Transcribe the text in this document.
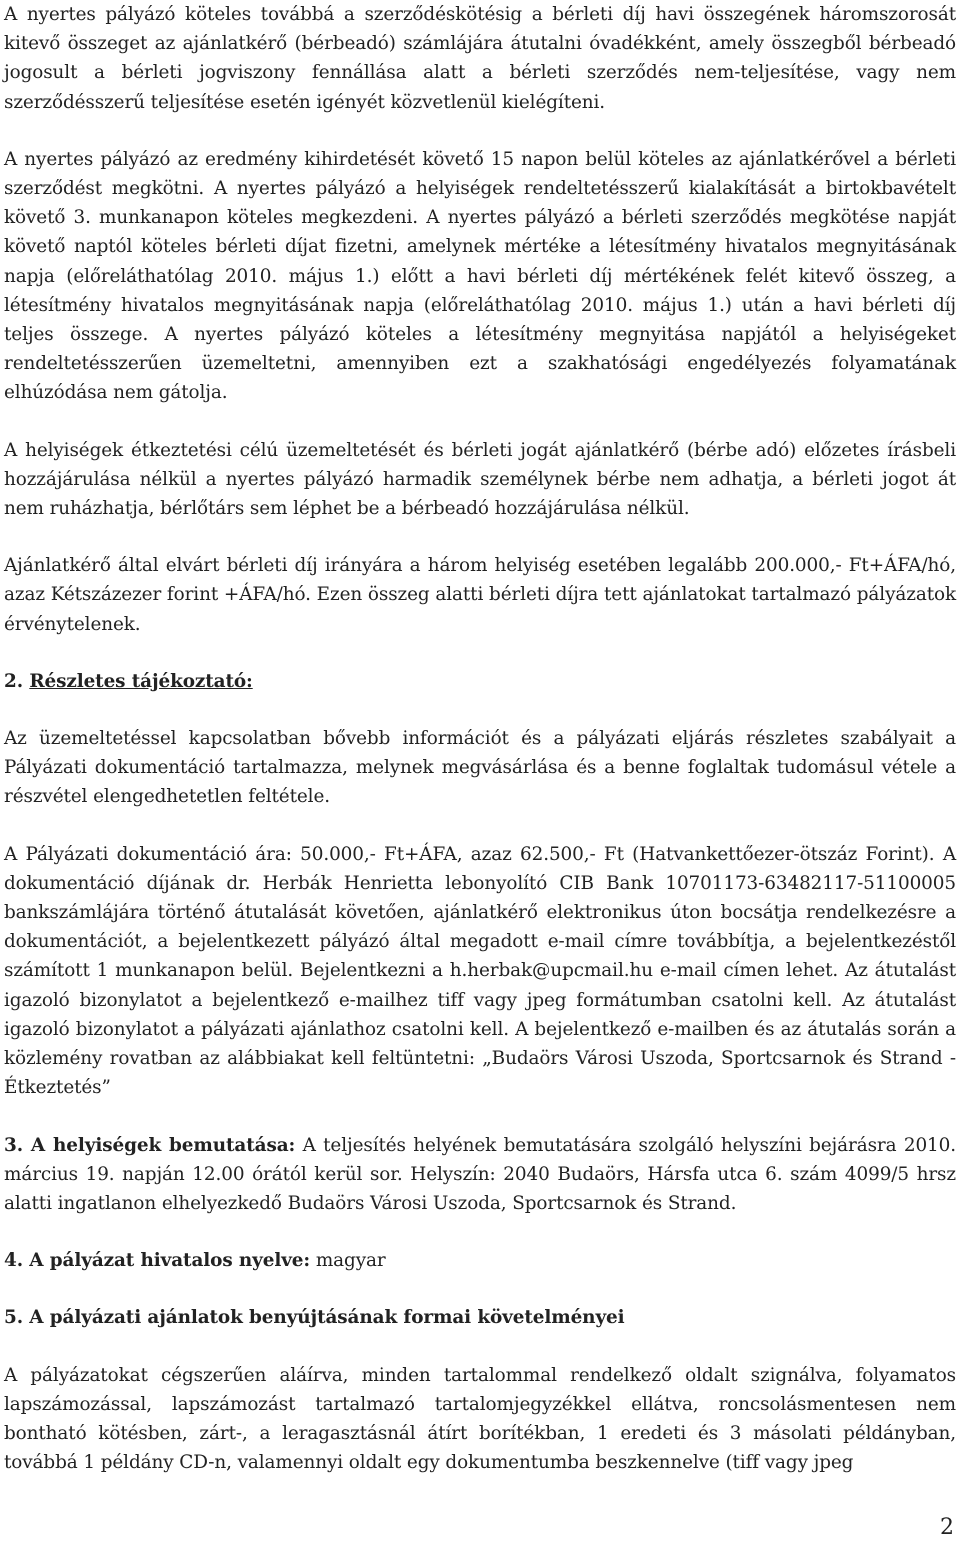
A nyertes pályázó köteles továbbá a szerződéskötésig a bérleti díj havi összegének háromszorosát kitevő összeget az ajánlatkérő (bérbeadó) számlájára átutalni óvadékként, amely összegből bérbeadó jogosult a bérleti jogviszony fennállása alatt a bérleti szerződés nem-teljesítése, vagy nem szerződésszerű teljesítése esetén igényét közvetlenül kielégíteni.

A nyertes pályázó az eredmény kihirdetését követő 15 napon belül köteles az ajánlatkérővel a bérleti szerződést megkötni. A nyertes pályázó a helyiségek rendeltetésszerű kialakítását a birtokbavételt követő 3. munkanapon köteles megkezdeni. A nyertes pályázó a bérleti szerződés megkötése napját követő naptól köteles bérleti díjat fizetni, amelynek mértéke a létesítmény hivatalos megnyitásának napja (előreláthatólag 2010. május 1.) előtt a havi bérleti díj mértékének felét kitevő összeg, a létesítmény hivatalos megnyitásának napja (előreláthatólag 2010. május 1.) után a havi bérleti díj teljes összege. A nyertes pályázó köteles a létesítmény megnyitása napjától a helyiségeket rendeltetésszerűen üzemeltetni, amennyiben ezt a szakhatósági engedélyezés folyamatának elhúzódása nem gátolja.

A helyiségek étkeztetési célú üzemeltetését és bérleti jogát ajánlatkérő (bérbe adó) előzetes írásbeli hozzájárulása nélkül a nyertes pályázó harmadik személynek bérbe nem adhatja, a bérleti jogot át nem ruházhatja, bérlőtárs sem léphet be a bérbeadó hozzájárulása nélkül.

Ajánlatkérő által elvárt bérleti díj irányára a három helyiség esetében legalább 200.000,- Ft+ÁFA/hó, azaz Kétszázezer forint +ÁFA/hó. Ezen összeg alatti bérleti díjra tett ajánlatokat tartalmazó pályázatok érvénytelenek.

2. Részletes tájékoztató:

Az üzemeltetéssel kapcsolatban bővebb információt és a pályázati eljárás részletes szabályait a Pályázati dokumentáció tartalmazza, melynek megvásárlása és a benne foglaltak tudomásul vétele a részvétel elengedhetetlen feltétele.

A Pályázati dokumentáció ára: 50.000,- Ft+ÁFA, azaz 62.500,- Ft (Hatvankettőezer-ötszáz Forint). A dokumentáció díjának dr. Herbák Henrietta lebonyolító CIB Bank 10701173-63482117-51100005 bankszámlájára történő átutalását követően, ajánlatkérő elektronikus úton bocsátja rendelkezésre a dokumentációt, a bejelentkezett pályázó által megadott e-mail címre továbbítja, a bejelentkezéstől számított 1 munkanapon belül. Bejelentkezni a h.herbak@upcmail.hu e-mail címen lehet. Az átutalást igazoló bizonylatot a bejelentkező e-mailhez tiff vagy jpeg formátumban csatolni kell. Az átutalást igazoló bizonylatot a pályázati ajánlathoz csatolni kell. A bejelentkező e-mailben és az átutalás során a közlemény rovatban az alábbiakat kell feltüntetni: „Budaörs Városi Uszoda, Sportcsarnok és Strand - Étkeztetés”

3. A helyiségek bemutatása: A teljesítés helyének bemutatására szolgáló helyszíni bejárásra 2010. március 19. napján 12.00 órától kerül sor. Helyszín: 2040 Budaörs, Hársfa utca 6. szám 4099/5 hrsz alatti ingatlanon elhelyezkedő Budaörs Városi Uszoda, Sportcsarnok és Strand.

4. A pályázat hivatalos nyelve: magyar

5. A pályázati ajánlatok benyújtásának formai követelményei

A pályázatokat cégszerűen aláírva, minden tartalommal rendelkező oldalt szignálva, folyamatos lapszámozással, lapszámozást tartalmazó tartalomjegyzékkel ellátva, roncsolásmentesen nem bontható kötésben, zárt-, a leragasztásnál átírt borítékban, 1 eredeti és 3 másolati példányban, továbbá 1 példány CD-n, valamennyi oldalt egy dokumentumba beszkennelve (tiff vagy jpeg

2
